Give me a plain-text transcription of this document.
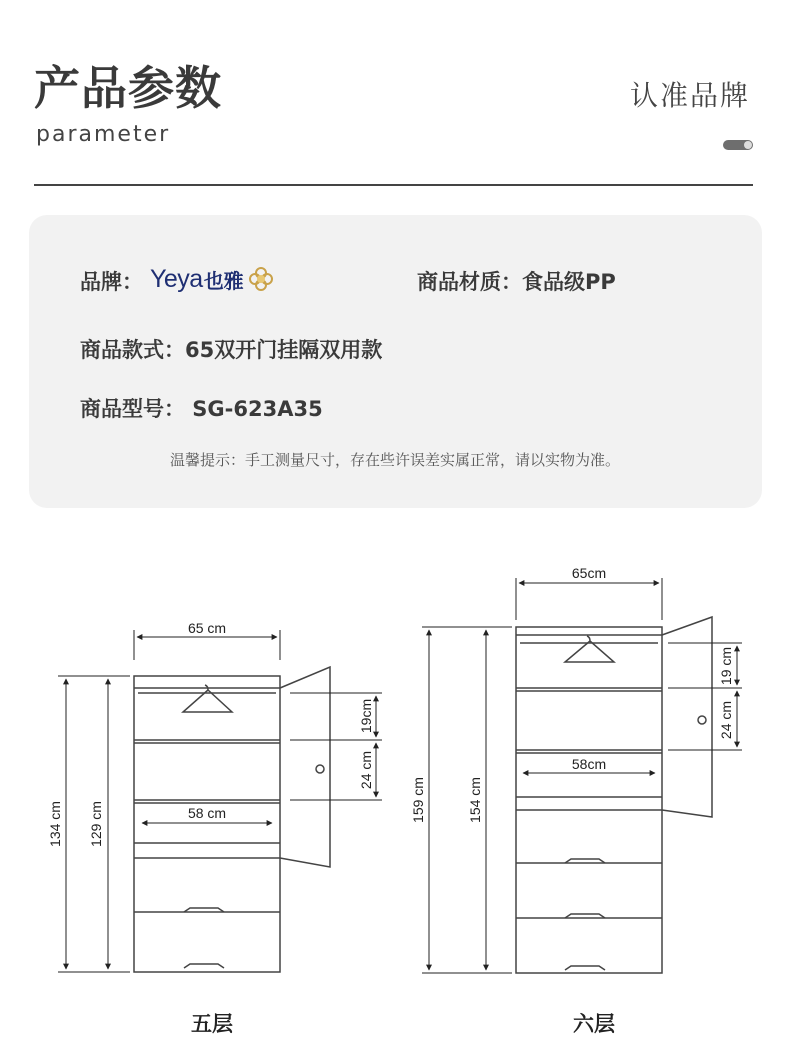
产品参数
parameter
认准品牌
品牌： Yeya 也雅	商品材质：食品级PP
商品款式：65双开门挂隔双用款
商品型号： SG-623A35
温馨提示：手工测量尺寸，存在些许误差实属正常，请以实物为准。
65 cm
58 cm
134 cm 129 cm
19cm
24 cm
65cm
58cm
159 cm	154 cm
19 cm
24 cm
五层	六层
